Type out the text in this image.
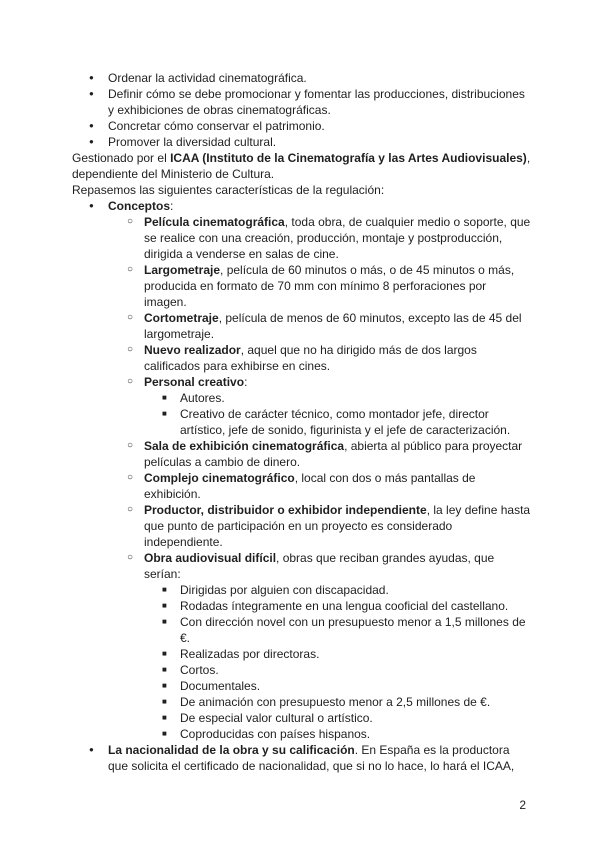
● Ordenar la actividad cinematográfica.

● Definir cómo se debe promocionar y fomentar las producciones, distribuciones y exhibiciones de obras cinematográficas.

● Concretar cómo conservar el patrimonio.

● Promover la diversidad cultural.

Gestionado por el ICAA (Instituto de la Cinematografía y las Artes Audiovisuales), dependiente del Ministerio de Cultura.

Repasemos las siguientes características de la regulación:

● Conceptos:

○ Película cinematográfica, toda obra, de cualquier medio o soporte, que se realice con una creación, producción, montaje y postproducción, dirigida a venderse en salas de cine.

○ Largometraje, película de 60 minutos o más, o de 45 minutos o más, producida en formato de 70 mm con mínimo 8 perforaciones por imagen.

○ Cortometraje, película de menos de 60 minutos, excepto las de 45 del largometraje.

○ Nuevo realizador, aquel que no ha dirigido más de dos largos calificados para exhibirse en cines.

○ Personal creativo:

■ Autores.

■ Creativo de carácter técnico, como montador jefe, director artístico, jefe de sonido, figurinista y el jefe de caracterización.

○ Sala de exhibición cinematográfica, abierta al público para proyectar películas a cambio de dinero.

○ Complejo cinematográfico, local con dos o más pantallas de exhibición.

○ Productor, distribuidor o exhibidor independiente, la ley define hasta que punto de participación en un proyecto es considerado independiente.

○ Obra audiovisual difícil, obras que reciban grandes ayudas, que serían:

■ Dirigidas por alguien con discapacidad.

■ Rodadas íntegramente en una lengua cooficial del castellano.

■ Con dirección novel con un presupuesto menor a 1,5 millones de €.

■ Realizadas por directoras.

■ Cortos.

■ Documentales.

■ De animación con presupuesto menor a 2,5 millones de €.

■ De especial valor cultural o artístico.

■ Coproducidas con países hispanos.

● La nacionalidad de la obra y su calificación. En España es la productora que solicita el certificado de nacionalidad, que si no lo hace, lo hará el ICAA,

2
